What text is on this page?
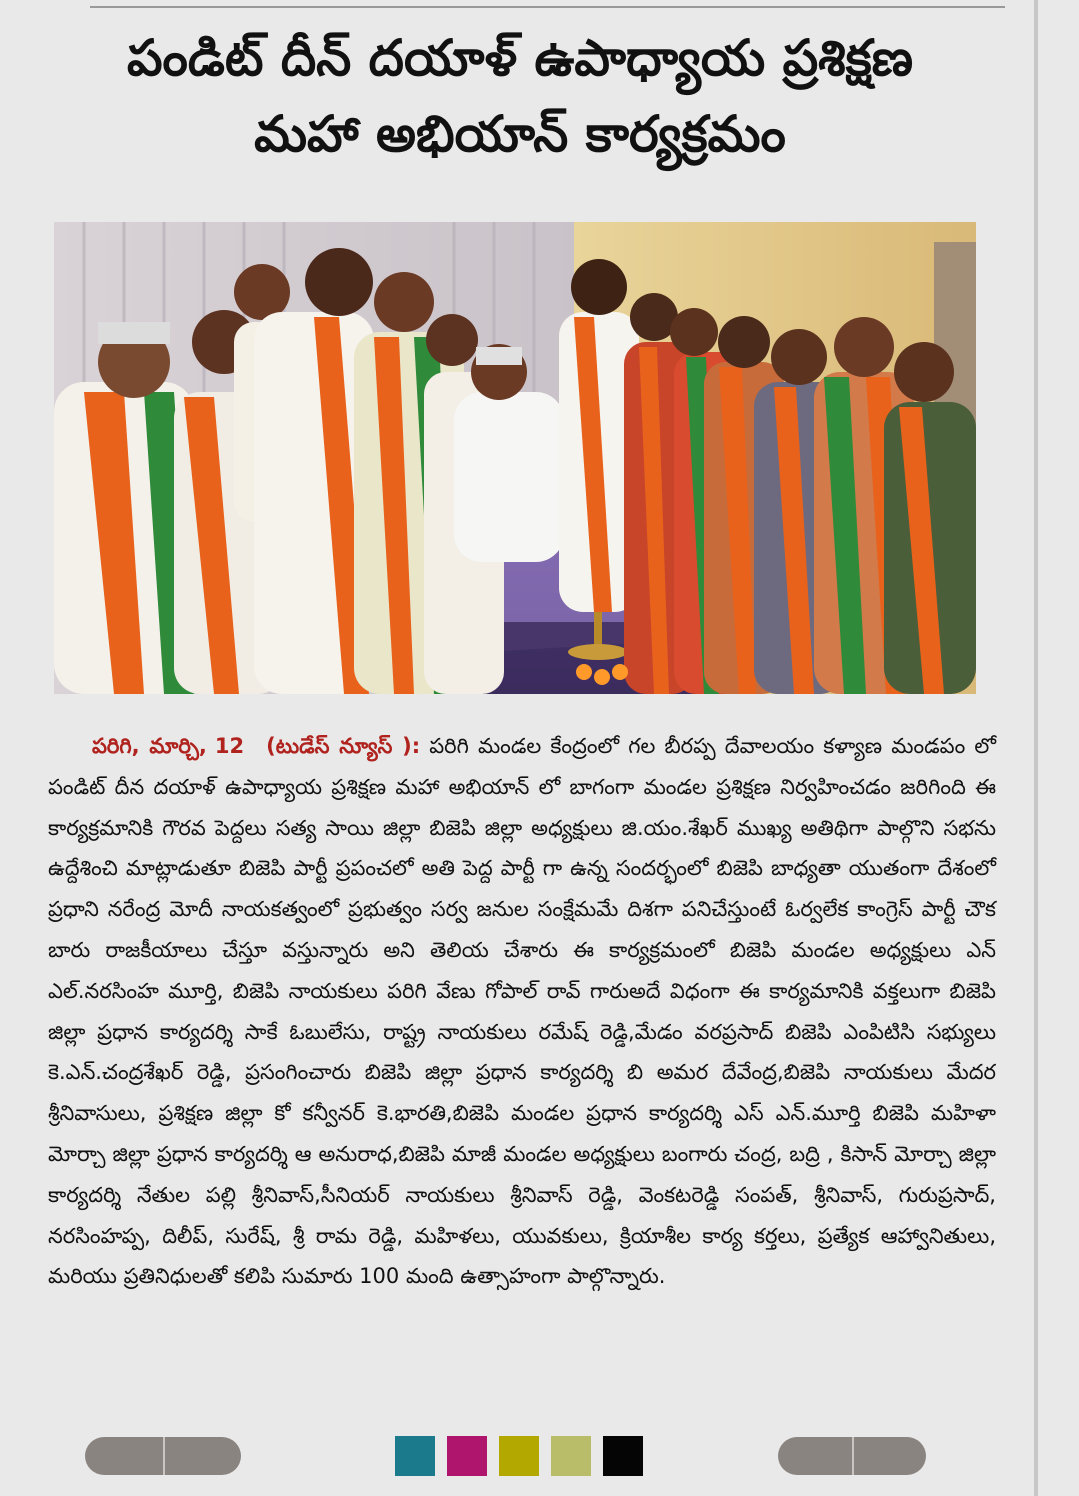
పండిట్ దీన్ దయాళ్ ఉపాధ్యాయ ప్రశిక్షణ
మహా అభియాన్ కార్యక్రమం
పరిగి, మార్చి, 12 (టుడేస్ న్యూస్ ): పరిగి మండల కేంద్రంలో గల బీరప్ప దేవాలయం కళ్యాణ మండపం లో పండిట్ దీన దయాళ్ ఉపాధ్యాయ ప్రశిక్షణ మహా అభియాన్ లో బాగంగా మండల ప్రశిక్షణ నిర్వహించడం జరిగింది ఈ కార్యక్రమానికి గౌరవ పెద్దలు సత్య సాయి జిల్లా బిజెపి జిల్లా అధ్యక్షులు జి.యం.శేఖర్ ముఖ్య అతిథిగా పాల్గొని సభను ఉద్దేశించి మాట్లాడుతూ బిజెపి పార్టీ ప్రపంచలో అతి పెద్ద పార్టీ గా ఉన్న సందర్భంలో బిజెపి బాధ్యతా యుతంగా దేశంలో ప్రధాని నరేంద్ర మోదీ నాయకత్వంలో ప్రభుత్వం సర్వ జనుల సంక్షేమమే దిశగా పనిచేస్తుంటే ఓర్వలేక కాంగ్రెస్ పార్టీ చౌక బారు రాజకీయాలు చేస్తూ వస్తున్నారు అని తెలియ చేశారు ఈ కార్యక్రమంలో బిజెపి మండల అధ్యక్షులు ఎన్ ఎల్.నరసింహ మూర్తి, బిజెపి నాయకులు పరిగి వేణు గోపాల్ రావ్ గారుఅదే విధంగా ఈ కార్యమానికి వక్తలుగా బిజెపి జిల్లా ప్రధాన కార్యదర్శి సాకే ఓబులేసు, రాష్ట్ర నాయకులు రమేష్ రెడ్డి,మేడం వరప్రసాద్ బిజెపి ఎంపిటిసి సభ్యులు కె.ఎన్.చంద్రశేఖర్ రెడ్డి, ప్రసంగించారు బిజెపి జిల్లా ప్రధాన కార్యదర్శి బి అమర దేవేంద్ర,బిజెపి నాయకులు మేదర శ్రీనివాసులు, ప్రశిక్షణ జిల్లా కో కన్వీనర్ కె.భారతి,బిజెపి మండల ప్రధాన కార్యదర్శి ఎస్ ఎన్.మూర్తి బిజెపి మహిళా మోర్చా జిల్లా ప్రధాన కార్యదర్శి ఆ అనురాధ,బిజెపి మాజీ మండల అధ్యక్షులు బంగారు చంద్ర, బద్రి , కిసాన్ మోర్చా జిల్లా కార్యదర్శి నేతుల పల్లి శ్రీనివాస్,సీనియర్ నాయకులు శ్రీనివాస్ రెడ్డి, వెంకటరెడ్డి సంపత్, శ్రీనివాస్, గురుప్రసాద్, నరసింహప్ప, దిలీప్, సురేష్, శ్రీ రామ రెడ్డి, మహిళలు, యువకులు, క్రియాశీల కార్య కర్తలు, ప్రత్యేక ఆహ్వానితులు, మరియు ప్రతినిధులతో కలిపి సుమారు 100 మంది ఉత్సాహంగా పాల్గొన్నారు.
